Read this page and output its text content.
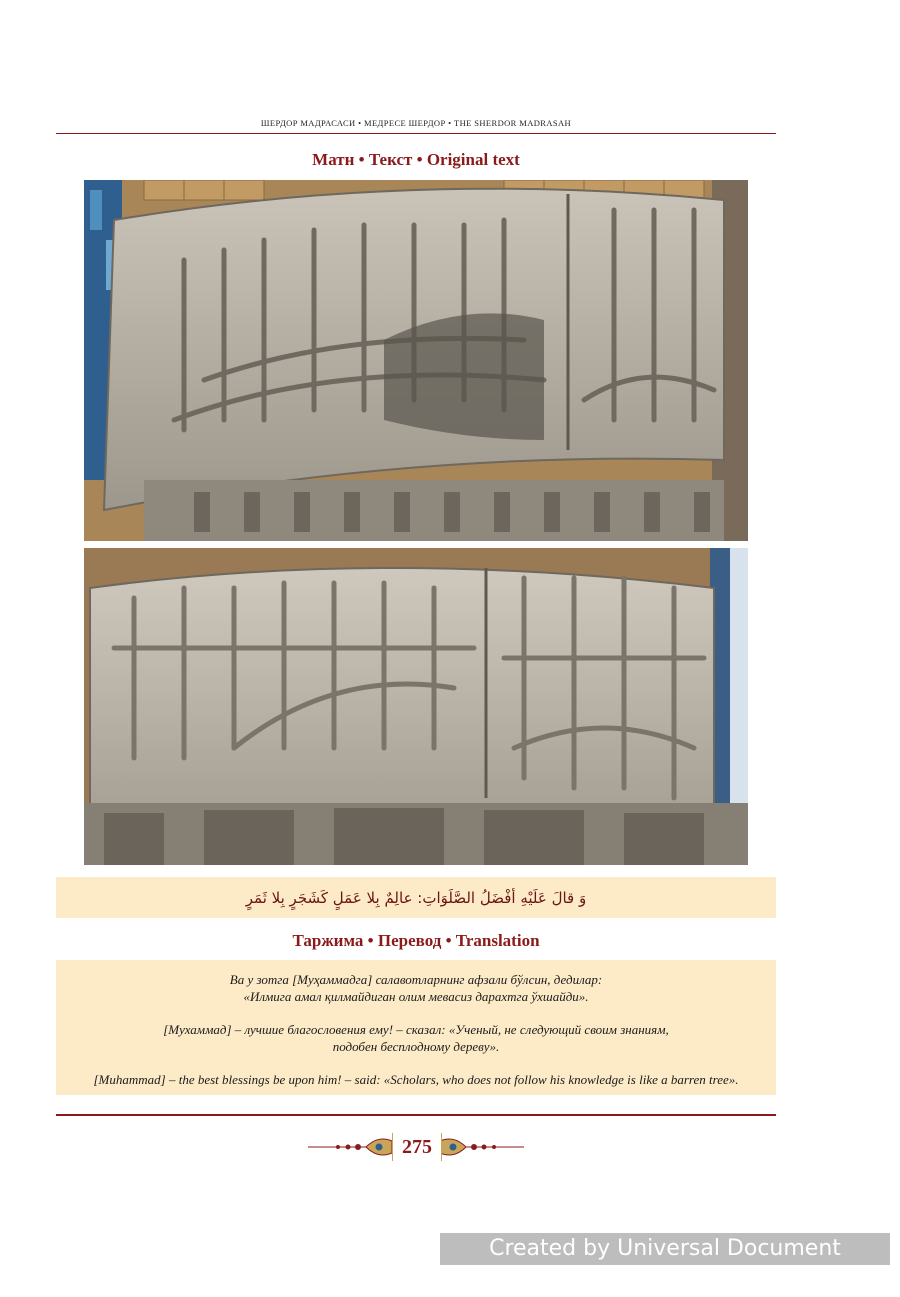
ШЕРДОР МАДРАСАСИ • МЕДРЕСЕ ШЕРДОР • THE SHERDOR MADRASAH
Матн • Текст • Original text
وَ قالَ عَلَيْهِ أفْضَلُ الصَّلَوَاتِ: عالِمٌ بِلا عَمَلٍ كَشَجَرٍ بِلا ثَمَرٍ
Таржима • Перевод • Translation

Ва у зотга [Муҳаммадга] салавотларнинг афзали бўлсин, дедилар:

«Илмига амал қилмайдиган олим мевасиз дарахтга ўхшайди».

[Мухаммад] – лучшие благословения ему! – сказал: «Ученый, не следующий своим знаниям,

подобен бесплодному дереву».

[Muhammad] – the best blessings be upon him! – said: «Scholars, who does not follow his knowledge is like a barren tree».

275
Created by Universal Document Converter
